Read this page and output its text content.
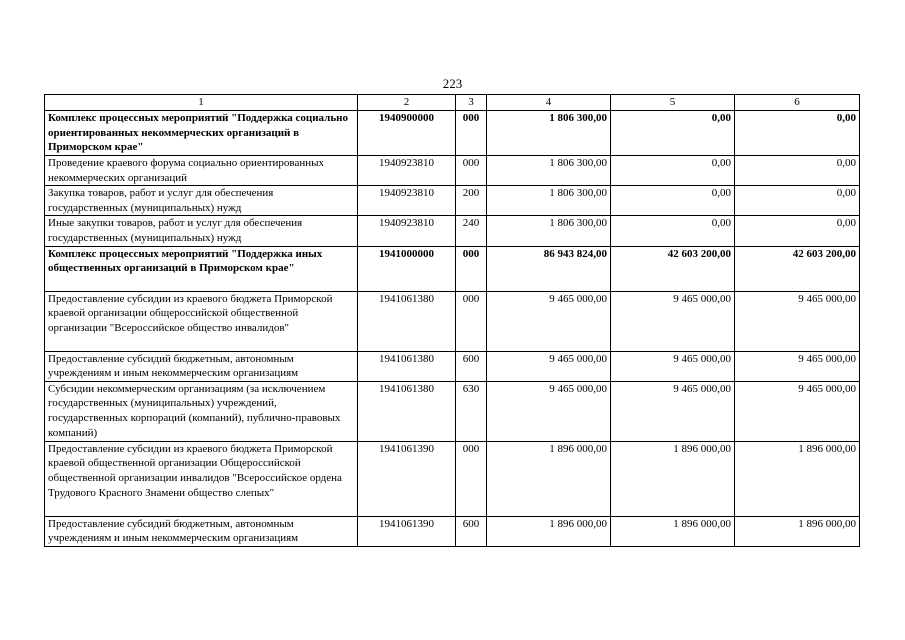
223
1	2	3	4	5	6
Комплекс процессных мероприятий "Поддержка социально ориентированных некоммерческих организаций в Приморском крае"	1940900000	000	1 806 300,00	0,00	0,00
Проведение краевого форума социально ориентированных некоммерческих организаций	1940923810	000	1 806 300,00	0,00	0,00
Закупка товаров, работ и услуг для обеспечения государственных (муниципальных) нужд	1940923810	200	1 806 300,00	0,00	0,00
Иные закупки товаров, работ и услуг для обеспечения государственных (муниципальных) нужд	1940923810	240	1 806 300,00	0,00	0,00
Комплекс процессных мероприятий "Поддержка иных общественных организаций в Приморском крае"	1941000000	000	86 943 824,00	42 603 200,00	42 603 200,00
Предоставление субсидии из краевого бюджета Приморской краевой организации общероссийской общественной организации "Всероссийское общество инвалидов"	1941061380	000	9 465 000,00	9 465 000,00	9 465 000,00
Предоставление субсидий бюджетным, автономным учреждениям и иным некоммерческим организациям	1941061380	600	9 465 000,00	9 465 000,00	9 465 000,00
Субсидии некоммерческим организациям (за исключением государственных (муниципальных) учреждений, государственных корпораций (компаний), публично-правовых компаний)	1941061380	630	9 465 000,00	9 465 000,00	9 465 000,00
Предоставление субсидии из краевого бюджета Приморской краевой общественной организации Общероссийской общественной организации инвалидов "Всероссийское ордена Трудового Красного Знамени общество слепых"	1941061390	000	1 896 000,00	1 896 000,00	1 896 000,00
Предоставление субсидий бюджетным, автономным учреждениям и иным некоммерческим организациям	1941061390	600	1 896 000,00	1 896 000,00	1 896 000,00
